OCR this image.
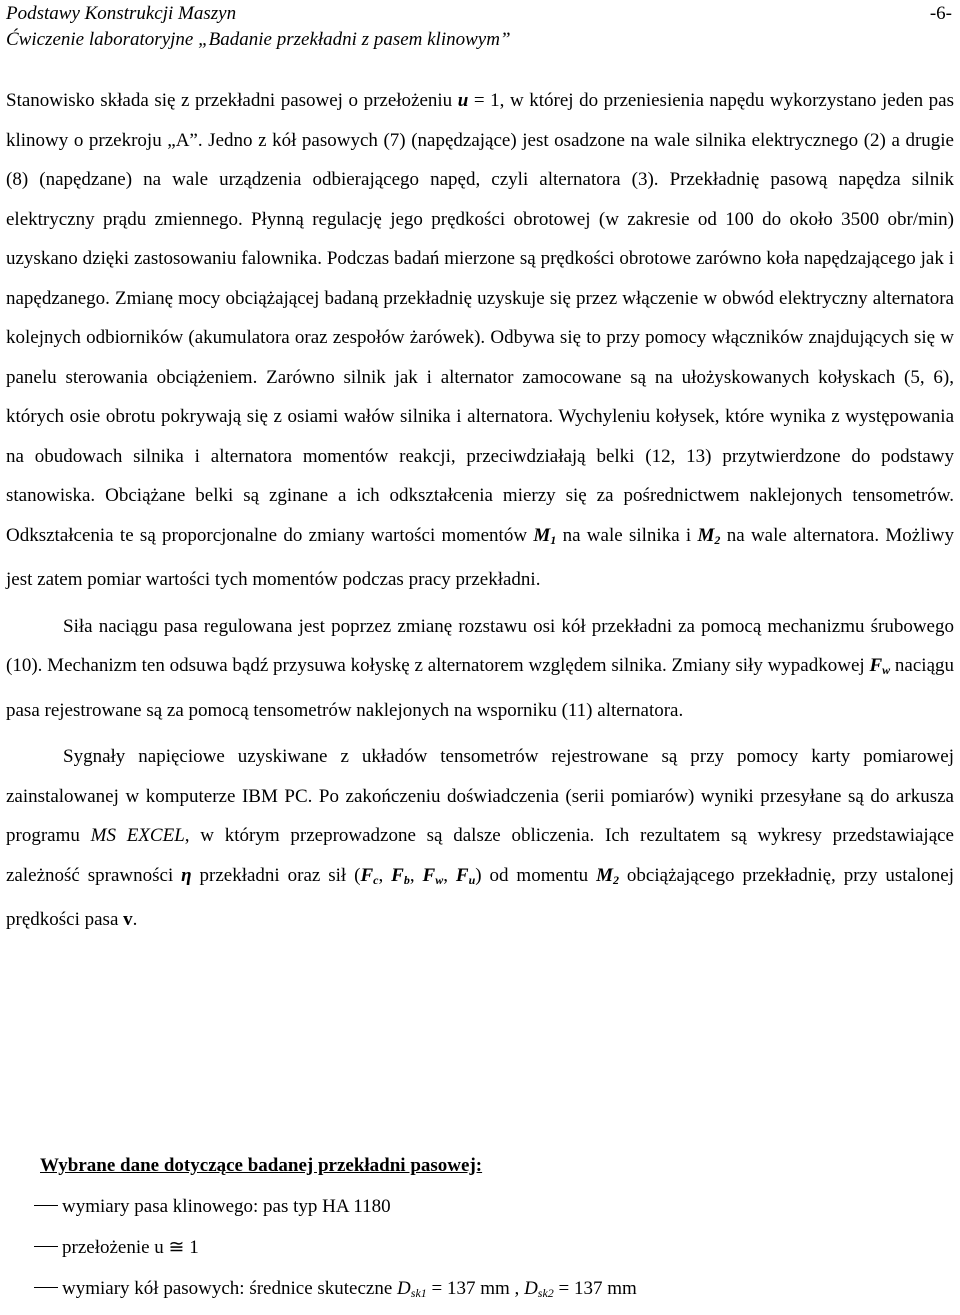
Podstawy Konstrukcji Maszyn	-6-
Ćwiczenie laboratoryjne „Badanie przekładni z pasem klinowym”

Stanowisko składa się z przekładni pasowej o przełożeniu u = 1, w której do przeniesienia napędu wykorzystano jeden pas klinowy o przekroju „A”. Jedno z kół pasowych (7) (napędzające) jest osadzone na wale silnika elektrycznego (2) a drugie (8) (napędzane) na wale urządzenia odbierającego napęd, czyli alternatora (3). Przekładnię pasową napędza silnik elektryczny prądu zmiennego. Płynną regulację jego prędkości obrotowej (w zakresie od 100 do około 3500 obr/min) uzyskano dzięki zastosowaniu falownika. Podczas badań mierzone są prędkości obrotowe zarówno koła napędzającego jak i napędzanego. Zmianę mocy obciążającej badaną przekładnię uzyskuje się przez włączenie w obwód elektryczny alternatora kolejnych odbiorników (akumulatora oraz zespołów żarówek). Odbywa się to przy pomocy włączników znajdujących się w panelu sterowania obciążeniem. Zarówno silnik jak i alternator zamocowane są na ułożyskowanych kołyskach (5, 6), których osie obrotu pokrywają się z osiami wałów silnika i alternatora. Wychyleniu kołysek, które wynika z występowania na obudowach silnika i alternatora momentów reakcji, przeciwdziałają belki (12, 13) przytwierdzone do podstawy stanowiska. Obciążane belki są zginane a ich odkształcenia mierzy się za pośrednictwem naklejonych tensometrów. Odkształcenia te są proporcjonalne do zmiany wartości momentów M1 na wale silnika i M2 na wale alternatora. Możliwy jest zatem pomiar wartości tych momentów podczas pracy przekładni.

Siła naciągu pasa regulowana jest poprzez zmianę rozstawu osi kół przekładni za pomocą mechanizmu śrubowego (10). Mechanizm ten odsuwa bądź przysuwa kołyskę z alternatorem względem silnika. Zmiany siły wypadkowej Fw naciągu pasa rejestrowane są za pomocą tensometrów naklejonych na wsporniku (11) alternatora.

Sygnały napięciowe uzyskiwane z układów tensometrów rejestrowane są przy pomocy karty pomiarowej zainstalowanej w komputerze IBM PC. Po zakończeniu doświadczenia (serii pomiarów) wyniki przesyłane są do arkusza programu MS EXCEL, w którym przeprowadzone są dalsze obliczenia. Ich rezultatem są wykresy przedstawiające zależność sprawności η przekładni oraz sił (Fc, Fb, Fw, Fu) od momentu M2 obciążającego przekładnię, przy ustalonej prędkości pasa v.

Wybrane dane dotyczące badanej przekładni pasowej:
wymiary pasa klinowego: pas typ HA 1180
przełożenie u ≅ 1
wymiary kół pasowych: średnice skuteczne $D_{sk1} = 137$ mm , $D_{sk2} = 137$ mm
